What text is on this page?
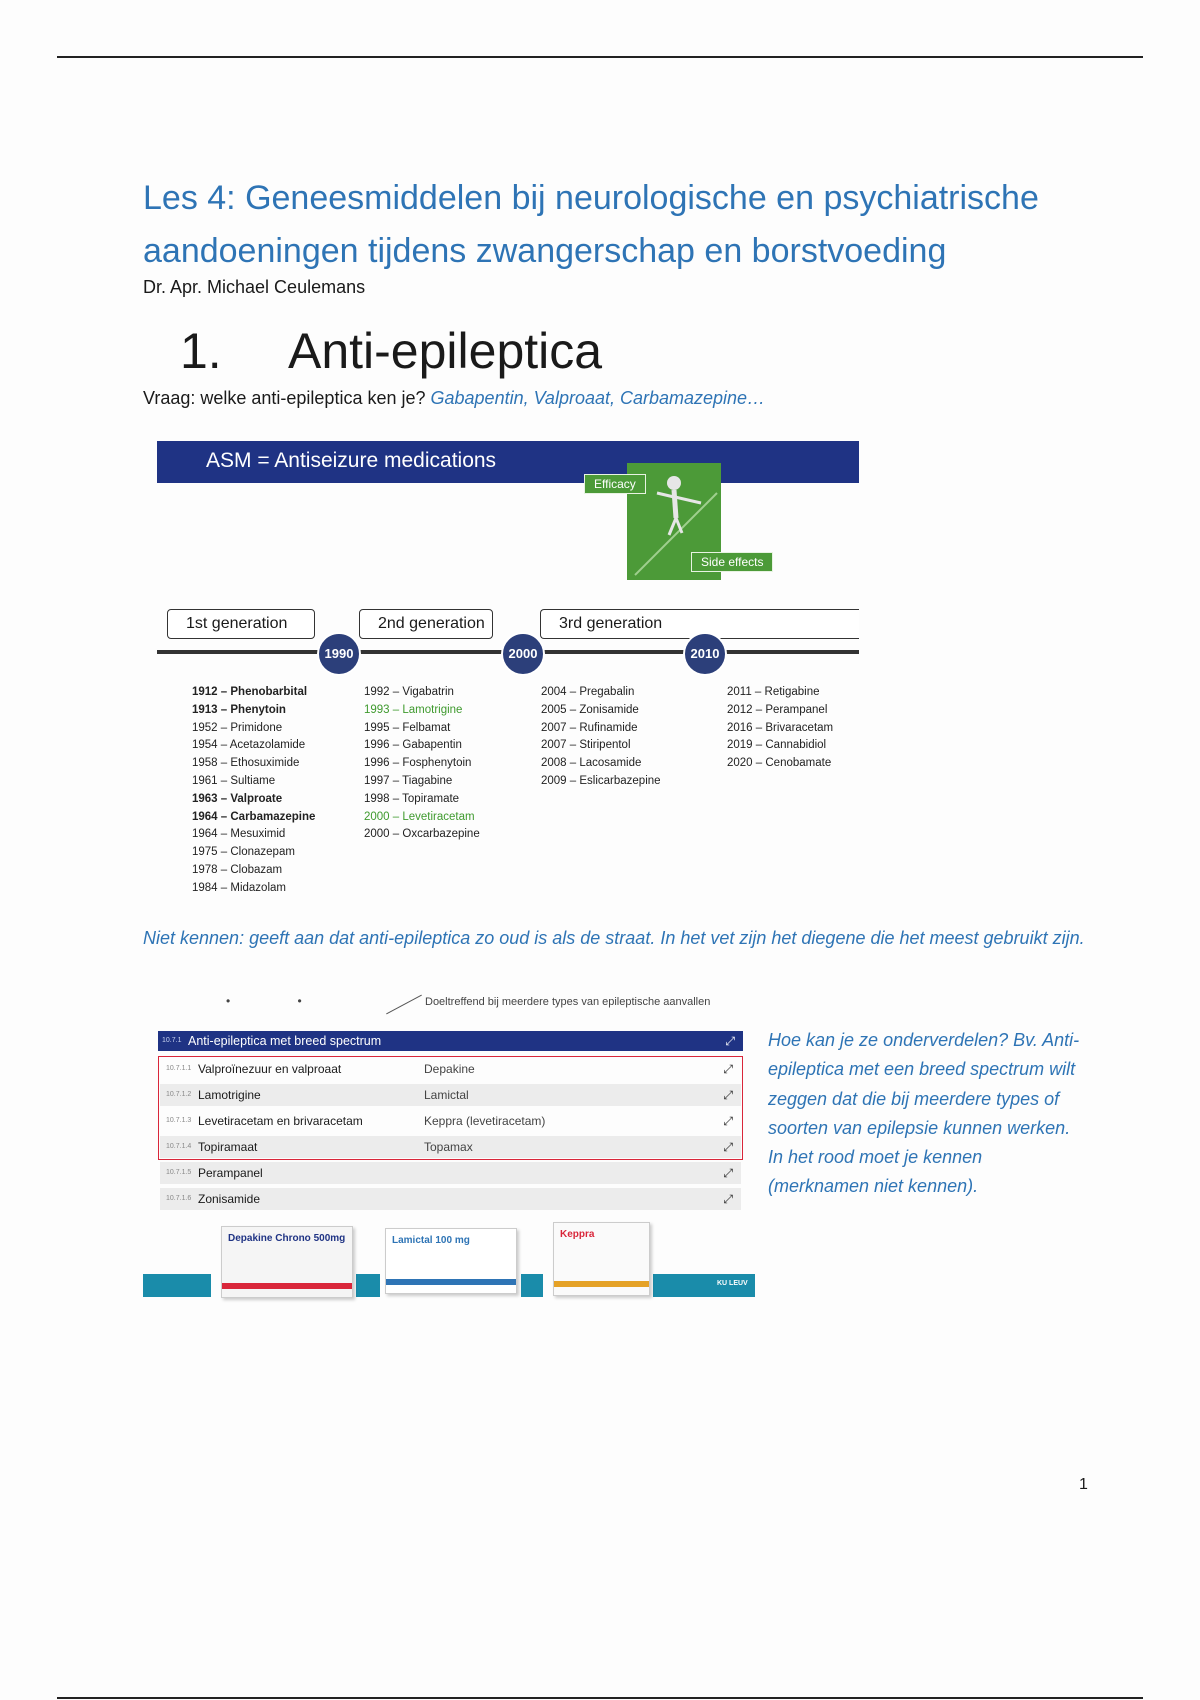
Les 4: Geneesmiddelen bij neurologische en psychiatrische aandoeningen tijdens zwangerschap en borstvoeding
Dr. Apr. Michael Ceulemans
1. Anti-epileptica
Vraag: welke anti-epileptica ken je? Gabapentin, Valproaat, Carbamazepine…
ASM = Antiseizure medications
Efficacy
Side effects
1st generation	2nd generation	3rd generation
1990	2000	2010
1912 – Phenobarbital
1913 – Phenytoin
1952 – Primidone
1954 – Acetazolamide
1958 – Ethosuximide
1961 – Sultiame
1963 – Valproate
1964 – Carbamazepine
1964 – Mesuximid
1975 – Clonazepam
1978 – Clobazam
1984 – Midazolam
1992 – Vigabatrin
1993 – Lamotrigine
1995 – Felbamat
1996 – Gabapentin
1996 – Fosphenytoin
1997 – Tiagabine
1998 – Topiramate
2000 – Levetiracetam
2000 – Oxcarbazepine
2004 – Pregabalin
2005 – Zonisamide
2007 – Rufinamide
2007 – Stiripentol
2008 – Lacosamide
2009 – Eslicarbazepine
2011 – Retigabine
2012 – Perampanel
2016 – Brivaracetam
2019 – Cannabidiol
2020 – Cenobamate
Niet kennen: geeft aan dat anti-epileptica zo oud is als de straat. In het vet zijn het diegene die het meest gebruikt zijn.
• •	Doeltreffend bij meerdere types van epileptische aanvallen
10.7.1 Anti-epileptica met breed spectrum	⤢
10.7.1.1 Valproïnezuur en valproaat	Depakine	⤢
10.7.1.2 Lamotrigine	Lamictal	⤢
10.7.1.3 Levetiracetam en brivaracetam	Keppra (levetiracetam)	⤢
10.7.1.4 Topiramaat	Topamax	⤢
10.7.1.5 Perampanel	⤢
10.7.1.6 Zonisamide	⤢
Depakine Chrono 500mg	Lamictal 100 mg
Keppra
KU LEUV
Hoe kan je ze onderverdelen? Bv. Anti-epileptica met een breed spectrum wilt zeggen dat die bij meerdere types of soorten van epilepsie kunnen werken. In het rood moet je kennen (merknamen niet kennen).
1
